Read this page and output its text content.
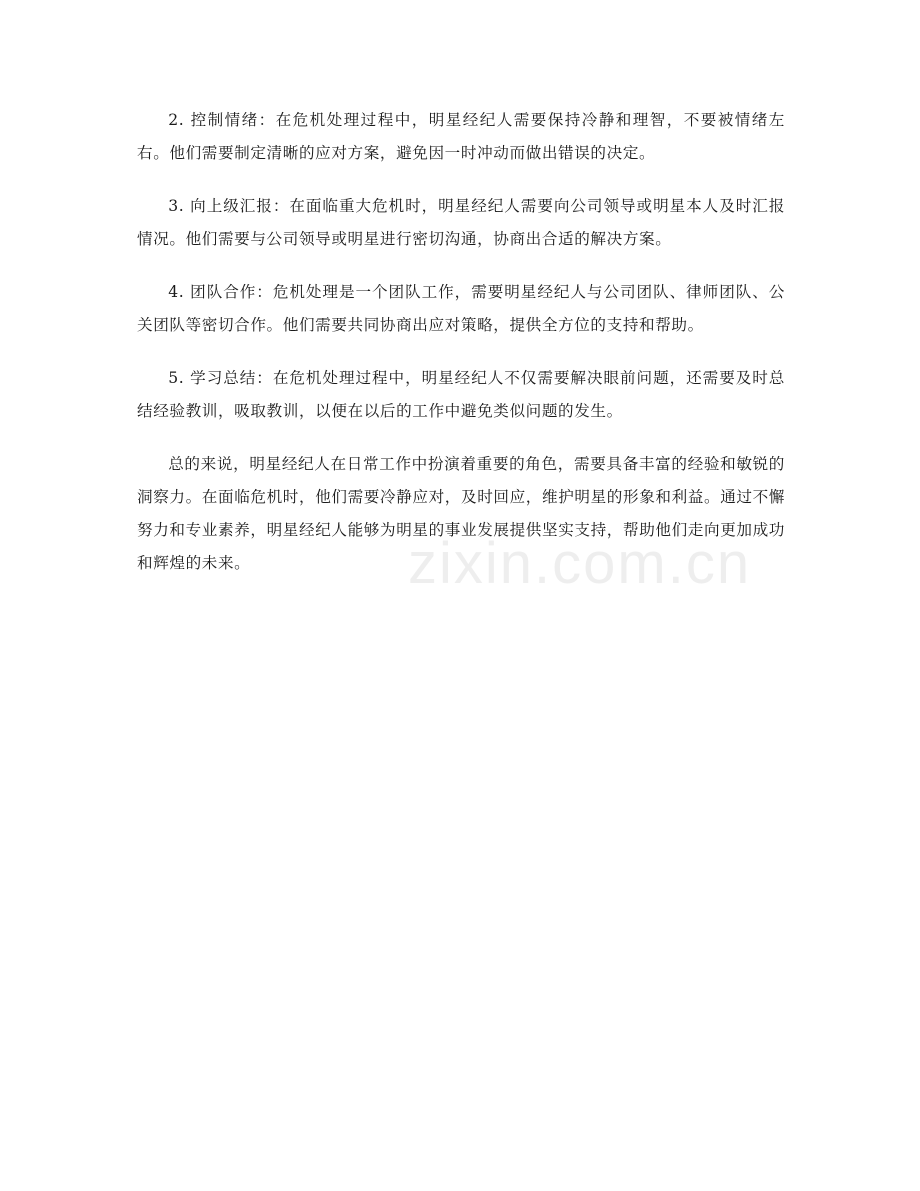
2. 控制情绪：在危机处理过程中，明星经纪人需要保持冷静和理智，不要被情绪左右。他们需要制定清晰的应对方案，避免因一时冲动而做出错误的决定。

3. 向上级汇报：在面临重大危机时，明星经纪人需要向公司领导或明星本人及时汇报情况。他们需要与公司领导或明星进行密切沟通，协商出合适的解决方案。

4. 团队合作：危机处理是一个团队工作，需要明星经纪人与公司团队、律师团队、公关团队等密切合作。他们需要共同协商出应对策略，提供全方位的支持和帮助。

5. 学习总结：在危机处理过程中，明星经纪人不仅需要解决眼前问题，还需要及时总结经验教训，吸取教训，以便在以后的工作中避免类似问题的发生。

总的来说，明星经纪人在日常工作中扮演着重要的角色，需要具备丰富的经验和敏锐的洞察力。在面临危机时，他们需要冷静应对，及时回应，维护明星的形象和利益。通过不懈努力和专业素养，明星经纪人能够为明星的事业发展提供坚实支持，帮助他们走向更加成功和辉煌的未来。	zixin.com.cn
